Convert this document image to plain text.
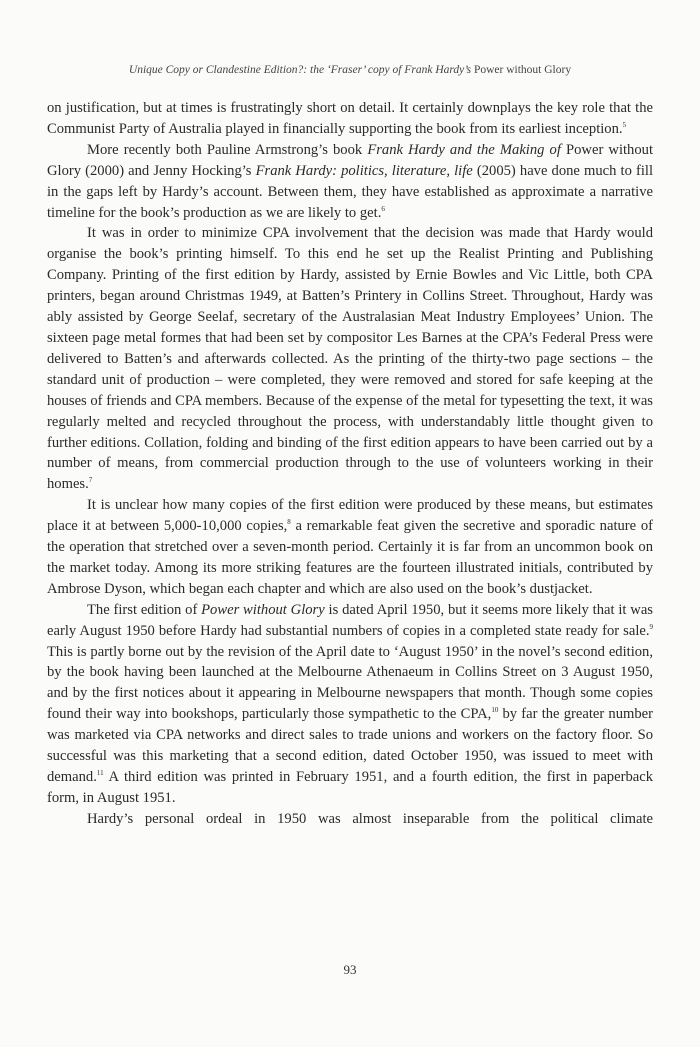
Unique Copy or Clandestine Edition?: the ‘Fraser’ copy of Frank Hardy’s Power without Glory

on justification, but at times is frustratingly short on detail. It certainly downplays the key role that the Communist Party of Australia played in financially supporting the book from its earliest inception.$^5$

More recently both Pauline Armstrong’s book Frank Hardy and the Making of Power without Glory (2000) and Jenny Hocking’s Frank Hardy: politics, literature, life (2005) have done much to fill in the gaps left by Hardy’s account. Between them, they have established as approximate a narrative timeline for the book’s production as we are likely to get.$^6$

It was in order to minimize CPA involvement that the decision was made that Hardy would organise the book’s printing himself. To this end he set up the Realist Printing and Publishing Company. Printing of the first edition by Hardy, assisted by Ernie Bowles and Vic Little, both CPA printers, began around Christmas 1949, at Batten’s Printery in Collins Street. Throughout, Hardy was ably assisted by George Seelaf, secretary of the Australasian Meat Industry Employees’ Union. The sixteen page metal formes that had been set by compositor Les Barnes at the CPA’s Federal Press were delivered to Batten’s and afterwards collected. As the printing of the thirty-two page sections – the standard unit of production – were completed, they were removed and stored for safe keeping at the houses of friends and CPA members. Because of the expense of the metal for typesetting the text, it was regularly melted and recycled throughout the process, with understandably little thought given to further editions. Collation, folding and binding of the first edition appears to have been carried out by a number of means, from commercial production through to the use of volunteers working in their homes.$^7$

It is unclear how many copies of the first edition were produced by these means, but estimates place it at between 5,000-10,000 copies,$^8$ a remarkable feat given the secretive and sporadic nature of the operation that stretched over a seven-month period. Certainly it is far from an uncommon book on the market today. Among its more striking features are the fourteen illustrated initials, contributed by Ambrose Dyson, which began each chapter and which are also used on the book’s dustjacket.

The first edition of Power without Glory is dated April 1950, but it seems more likely that it was early August 1950 before Hardy had substantial numbers of copies in a completed state ready for sale.$^9$ This is partly borne out by the revision of the April date to ‘August 1950’ in the novel’s second edition, by the book having been launched at the Melbourne Athenaeum in Collins Street on 3 August 1950, and by the first notices about it appearing in Melbourne newspapers that month. Though some copies found their way into bookshops, particularly those sympathetic to the CPA,$^{10}$ by far the greater number was marketed via CPA networks and direct sales to trade unions and workers on the factory floor. So successful was this marketing that a second edition, dated October 1950, was issued to meet with demand.$^{11}$ A third edition was printed in February 1951, and a fourth edition, the first in paperback form, in August 1951.

Hardy’s personal ordeal in 1950 was almost inseparable from the political climate

93
